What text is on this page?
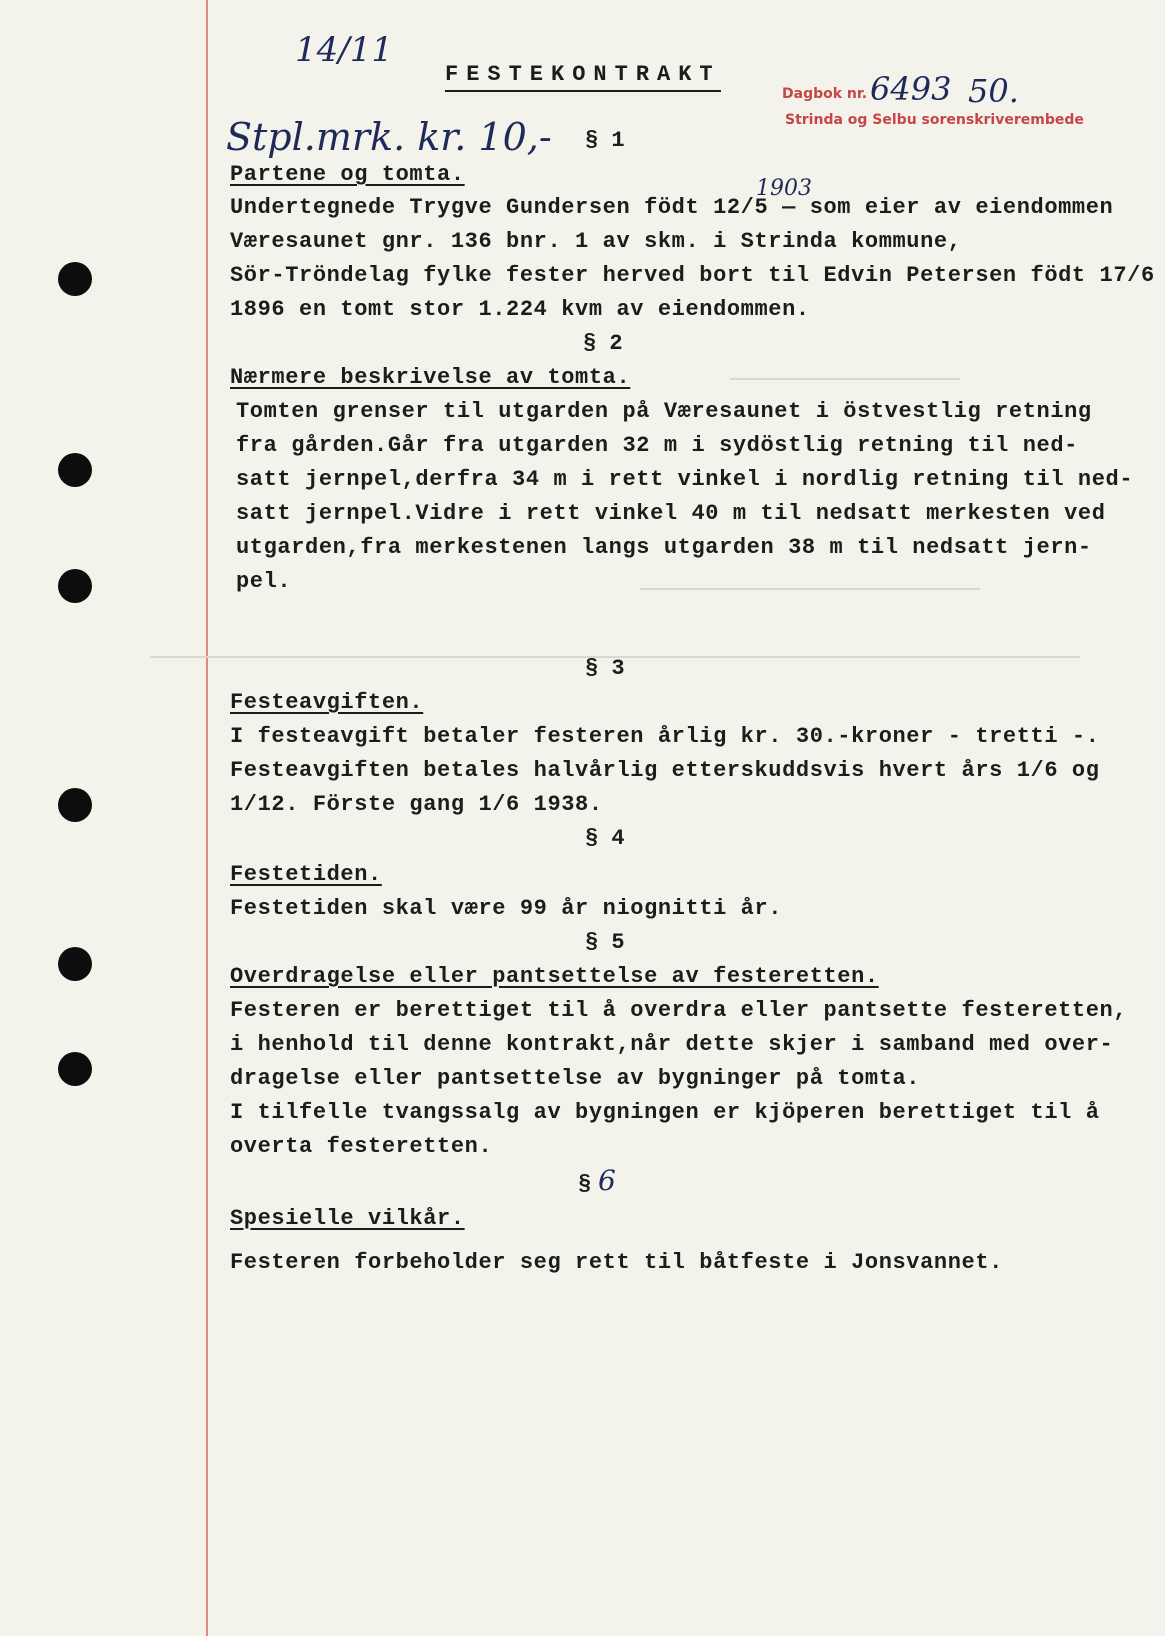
14/11
FESTEKONTRAKT
Dagbok nr. 6493 50.
Strinda og Selbu sorenskriverembede
Stpl.mrk. kr. 10,- § 1
Partene og tomta.
1903
Undertegnede Trygve Gundersen födt 12/5 — som eier av eiendommen
Væresaunet gnr. 136 bnr. 1 av skm. i Strinda kommune,
Sör-Tröndelag fylke fester herved bort til Edvin Petersen födt 17/6
1896 en tomt stor 1.224 kvm av eiendommen.
§ 2
Nærmere beskrivelse av tomta.
Tomten grenser til utgarden på Væresaunet i östvestlig retning
fra gården.Går fra utgarden 32 m i sydöstlig retning til ned-
satt jernpel,derfra 34 m i rett vinkel i nordlig retning til ned-
satt jernpel.Vidre i rett vinkel 40 m til nedsatt merkesten ved
utgarden,fra merkestenen langs utgarden 38 m til nedsatt jern-
pel.
§ 3
Festeavgiften.
I festeavgift betaler festeren årlig kr. 30.-kroner - tretti -.
Festeavgiften betales halvårlig etterskuddsvis hvert års 1/6 og
1/12. Förste gang 1/6 1938.
§ 4
Festetiden.
Festetiden skal være 99 år niognitti år.
§ 5
Overdragelse eller pantsettelse av festeretten.
Festeren er berettiget til å overdra eller pantsette festeretten,
i henhold til denne kontrakt,når dette skjer i samband med over-
dragelse eller pantsettelse av bygninger på tomta.
I tilfelle tvangssalg av bygningen er kjöperen berettiget til å
overta festeretten.
§ 6
Spesielle vilkår.
Festeren forbeholder seg rett til båtfeste i Jonsvannet.
